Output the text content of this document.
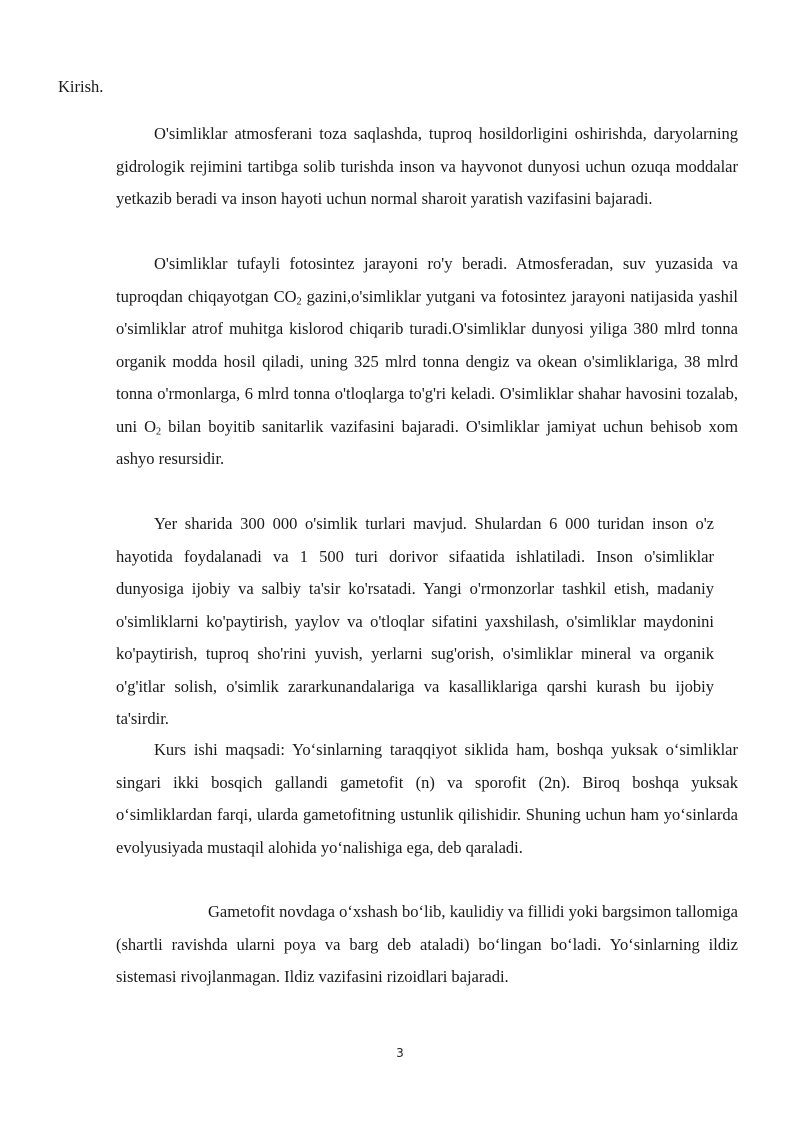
Kirish.

O'simliklar atmosferani toza saqlashda, tuproq hosildorligini oshirishda, daryolarning gidrologik rejimini tartibga solib turishda inson va hayvonot dunyosi uchun ozuqa moddalar yetkazib beradi va inson hayoti uchun normal sharoit yaratish vazifasini bajaradi.

O'simliklar tufayli fotosintez jarayoni ro'y beradi. Atmosferadan, suv yuzasida va tuproqdan chiqayotgan $CO_2$ gazini,o'simliklar yutgani va fotosintez jarayoni natijasida yashil o'simliklar atrof muhitga kislorod chiqarib turadi.O'simliklar dunyosi yiliga 380 mlrd tonna organik modda hosil qiladi, uning 325 mlrd tonna dengiz va okean o'simliklariga, 38 mlrd tonna o'rmonlarga, 6 mlrd tonna o'tloqlarga to'g'ri keladi. O'simliklar shahar havosini tozalab, uni $O_2$ bilan boyitib sanitarlik vazifasini bajaradi. O'simliklar jamiyat uchun behisob xom ashyo resursidir.

Yer sharida 300 000 o'simlik turlari mavjud. Shulardan 6 000 turidan inson o'z hayotida foydalanadi va 1 500 turi dorivor sifaatida ishlatiladi. Inson o'simliklar dunyosiga ijobiy va salbiy ta'sir ko'rsatadi. Yangi o'rmonzorlar tashkil etish, madaniy o'simliklarni ko'paytirish, yaylov va o'tloqlar sifatini yaxshilash, o'simliklar maydonini ko'paytirish, tuproq sho'rini yuvish, yerlarni sug'orish, o'simliklar mineral va organik o'g'itlar solish, o'simlik zararkunandalariga va kasalliklariga qarshi kurash bu ijobiy ta'sirdir.

Kurs ishi maqsadi: Yo‘sinlarning taraqqiyot siklida ham, boshqa yuksak o‘simliklar singari ikki bosqich gallandi gametofit (n) va sporofit (2n). Biroq boshqa yuksak o‘simliklardan farqi, ularda gametofitning ustunlik qilishidir. Shuning uchun ham yo‘sinlarda evolyusiyada mustaqil alohida yo‘nalishiga ega, deb qaraladi.

Gametofit novdaga o‘xshash bo‘lib, kaulidiy va fillidi yoki bargsimon tallomiga (shartli ravishda ularni poya va barg deb ataladi) bo‘lingan bo‘ladi. Yo‘sinlarning ildiz sistemasi rivojlanmagan. Ildiz vazifasini rizoidlari bajaradi.

3
